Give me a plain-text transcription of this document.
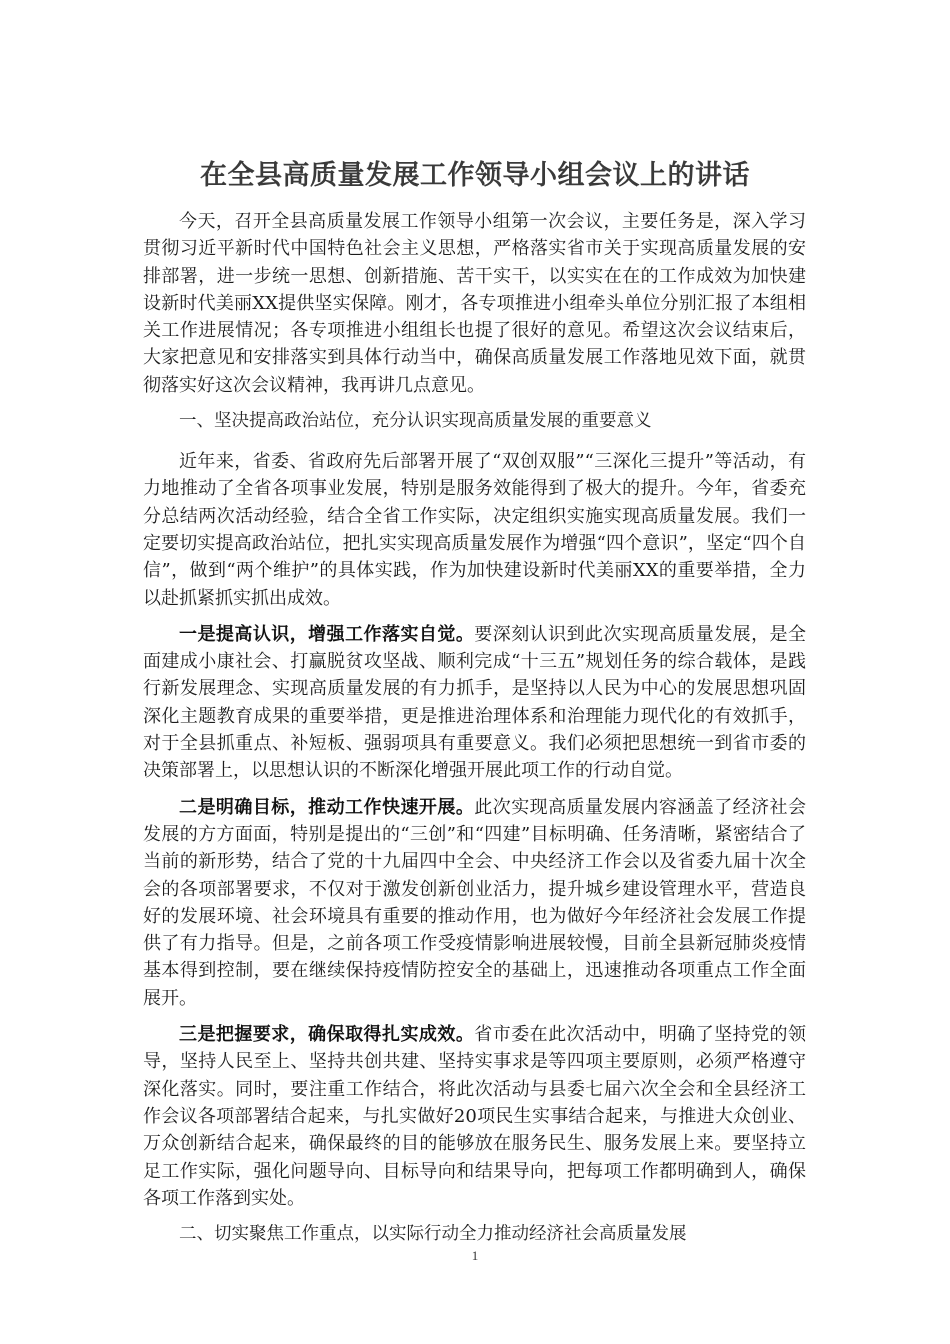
在全县高质量发展工作领导小组会议上的讲话

今天，召开全县高质量发展工作领导小组第一次会议，主要任务是，深入学习贯彻习近平新时代中国特色社会主义思想，严格落实省市关于实现高质量发展的安排部署，进一步统一思想、创新措施、苦干实干，以实实在在的工作成效为加快建设新时代美丽XX提供坚实保障。刚才，各专项推进小组牵头单位分别汇报了本组相关工作进展情况；各专项推进小组组长也提了很好的意见。希望这次会议结束后，大家把意见和安排落实到具体行动当中，确保高质量发展工作落地见效下面，就贯彻落实好这次会议精神，我再讲几点意见。

一、坚决提高政治站位，充分认识实现高质量发展的重要意义

近年来，省委、省政府先后部署开展了“双创双服”“三深化三提升”等活动，有力地推动了全省各项事业发展，特别是服务效能得到了极大的提升。今年，省委充分总结两次活动经验，结合全省工作实际，决定组织实施实现高质量发展。我们一定要切实提高政治站位，把扎实实现高质量发展作为增强“四个意识”，坚定“四个自信”，做到“两个维护”的具体实践，作为加快建设新时代美丽XX的重要举措，全力以赴抓紧抓实抓出成效。

一是提高认识，增强工作落实自觉。要深刻认识到此次实现高质量发展，是全面建成小康社会、打赢脱贫攻坚战、顺利完成“十三五”规划任务的综合载体，是践行新发展理念、实现高质量发展的有力抓手，是坚持以人民为中心的发展思想巩固深化主题教育成果的重要举措，更是推进治理体系和治理能力现代化的有效抓手，对于全县抓重点、补短板、强弱项具有重要意义。我们必须把思想统一到省市委的决策部署上，以思想认识的不断深化增强开展此项工作的行动自觉。

二是明确目标，推动工作快速开展。此次实现高质量发展内容涵盖了经济社会发展的方方面面，特别是提出的“三创”和“四建”目标明确、任务清晰，紧密结合了当前的新形势，结合了党的十九届四中全会、中央经济工作会以及省委九届十次全会的各项部署要求，不仅对于激发创新创业活力，提升城乡建设管理水平，营造良好的发展环境、社会环境具有重要的推动作用，也为做好今年经济社会发展工作提供了有力指导。但是，之前各项工作受疫情影响进展较慢，目前全县新冠肺炎疫情基本得到控制，要在继续保持疫情防控安全的基础上，迅速推动各项重点工作全面展开。

三是把握要求，确保取得扎实成效。省市委在此次活动中，明确了坚持党的领导，坚持人民至上、坚持共创共建、坚持实事求是等四项主要原则，必须严格遵守深化落实。同时，要注重工作结合，将此次活动与县委七届六次全会和全县经济工作会议各项部署结合起来，与扎实做好20项民生实事结合起来，与推进大众创业、万众创新结合起来，确保最终的目的能够放在服务民生、服务发展上来。要坚持立足工作实际，强化问题导向、目标导向和结果导向，把每项工作都明确到人，确保各项工作落到实处。

二、切实聚焦工作重点，以实际行动全力推动经济社会高质量发展

1
